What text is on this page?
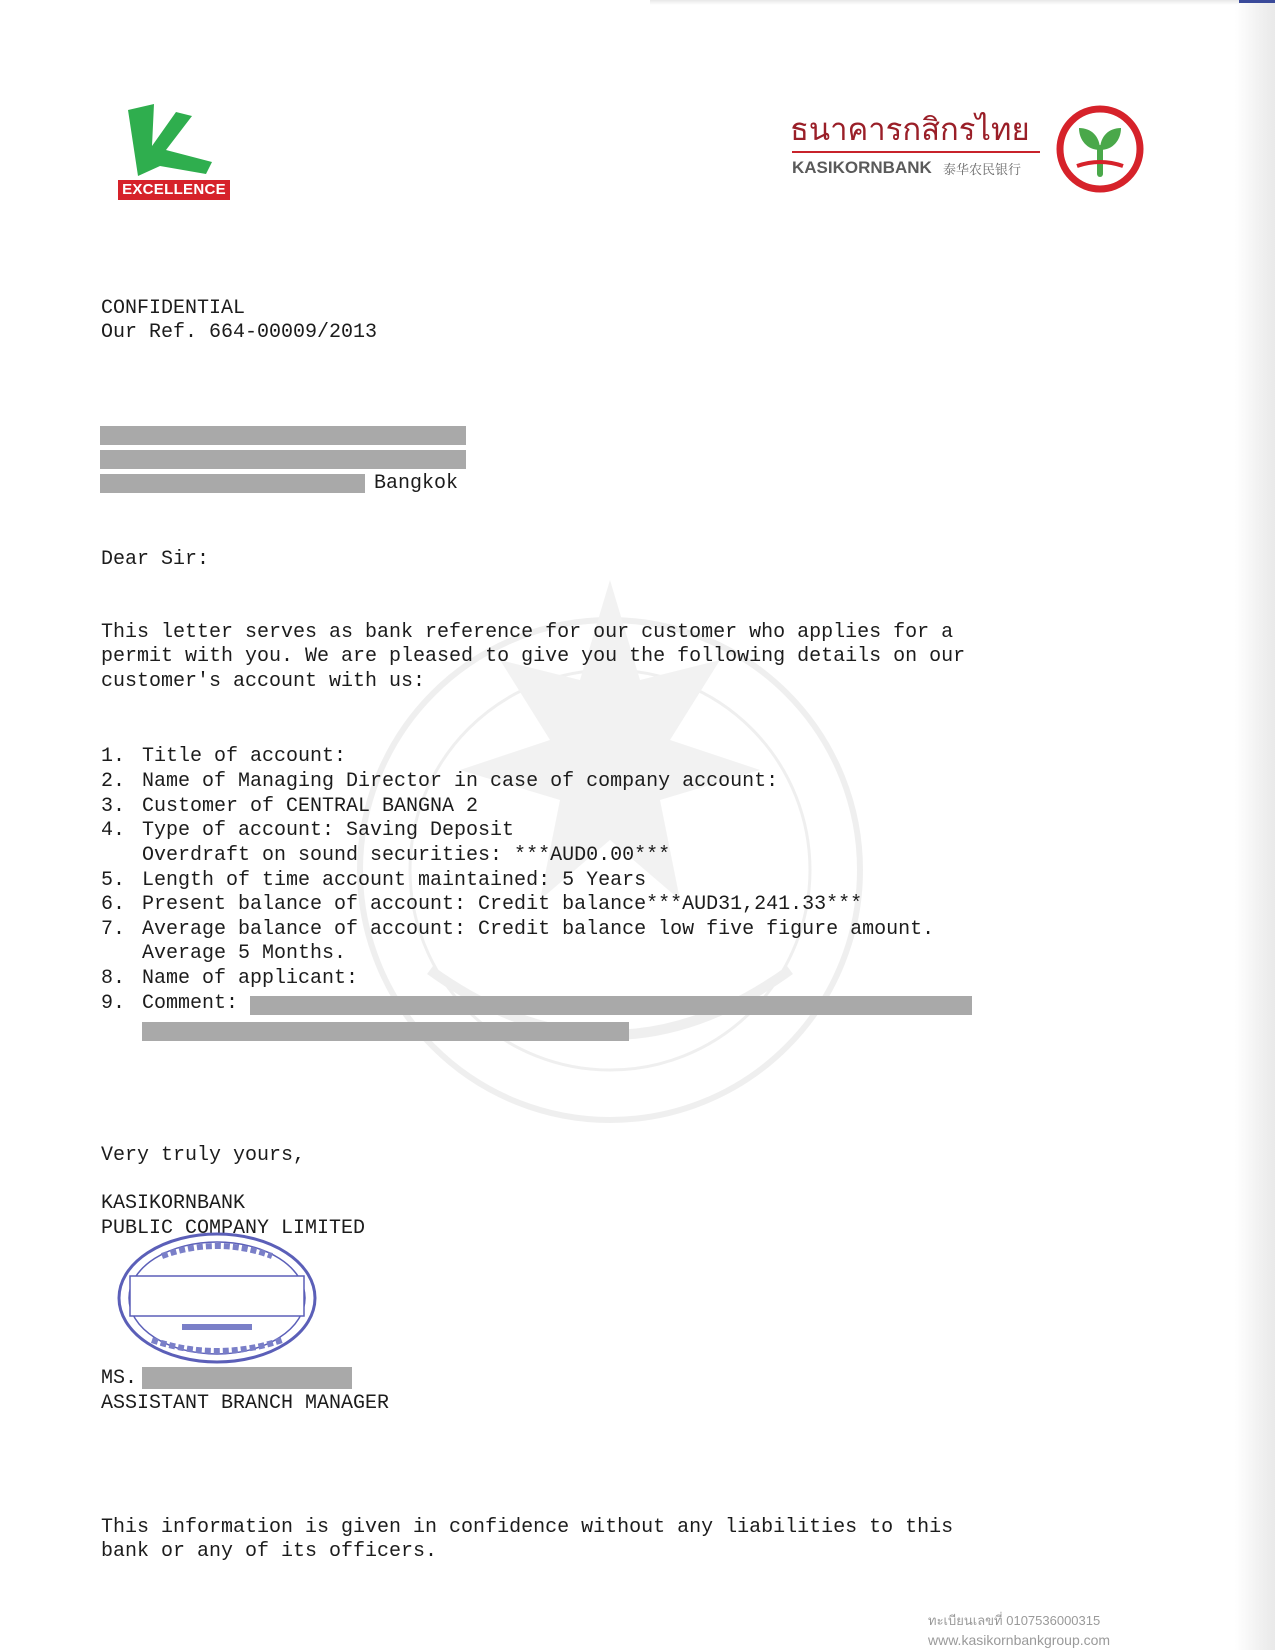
EXCELLENCE
ธนาคารกสิกรไทย
KASIKORNBANK 泰华农民银行
CONFIDENTIAL
Our Ref. 664-00009/2013
Bangkok
Dear Sir:
This letter serves as bank reference for our customer who applies for a
permit with you. We are pleased to give you the following details on our
customer's account with us:
1. Title of account:
2. Name of Managing Director in case of company account:
3. Customer of CENTRAL BANGNA 2
4. Type of account: Saving Deposit
Overdraft on sound securities: ***AUD0.00***
5. Length of time account maintained: 5 Years
6. Present balance of account: Credit balance***AUD31,241.33***
7. Average balance of account: Credit balance low five figure amount.
Average 5 Months.
8. Name of applicant:
9. Comment:
Very truly yours,
KASIKORNBANK
PUBLIC COMPANY LIMITED
MS.
ASSISTANT BRANCH MANAGER
This information is given in confidence without any liabilities to this
bank or any of its officers.
ทะเบียนเลขที่ 0107536000315
www.kasikornbankgroup.com
